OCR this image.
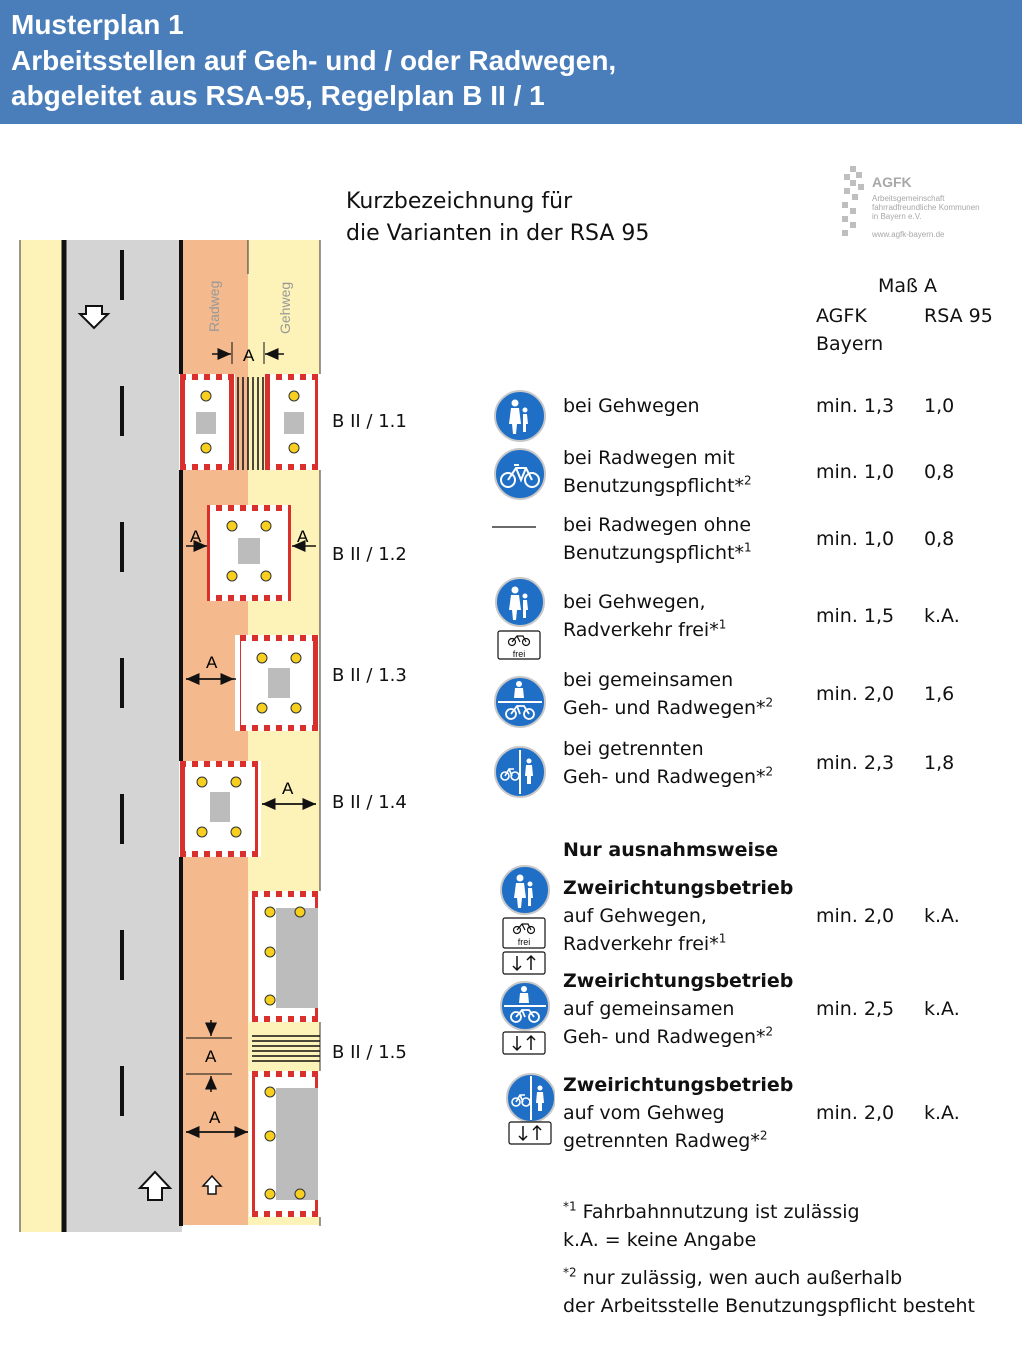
Musterplan 1
Arbeitsstellen auf Geh- und / oder Radwegen,
abgeleitet aus RSA-95, Regelplan B II / 1
AGFK
Arbeitsgemeinschaft
fahrradfreundliche Kommunen
in Bayern e.V.
www.agfk-bayern.de
Radweg	Gehweg
A
A	A
A
A
A
A
B II / 1.1
B II / 1.2
B II / 1.3
B II / 1.4
B II / 1.5
Kurzbezeichnung für
die Varianten in der RSA 95
Maß A
AGFK
Bayern
RSA 95
frei
frei
bei Gehwegen	min. 1,3 1,0
bei Radwegen mit
Benutzungspflicht*$^2$	min. 1,0 0,8
bei Radwegen ohne
Benutzungspflicht*$^1$	min. 1,0 0,8
bei Gehwegen,
Radverkehr frei*$^1$	min. 1,5 k.A.
bei gemeinsamen
Geh- und Radwegen*$^2$ min. 2,0 1,6
bei getrennten
Geh- und Radwegen*$^2$ min. 2,3 1,8
Nur ausnahmsweise
Zweirichtungsbetrieb
auf Gehwegen,
Radverkehr frei*$^1$
min. 2,0 k.A.
Zweirichtungsbetrieb
auf gemeinsamen
Geh- und Radwegen*$^2$
min. 2,5 k.A.
Zweirichtungsbetrieb
auf vom Gehweg
getrennten Radweg*$^2$
min. 2,0 k.A.
$^{*1}$ Fahrbahnnutzung ist zulässig
k.A. = keine Angabe
$^{*2}$ nur zulässig, wen auch außerhalb
der Arbeitsstelle Benutzungspflicht besteht
